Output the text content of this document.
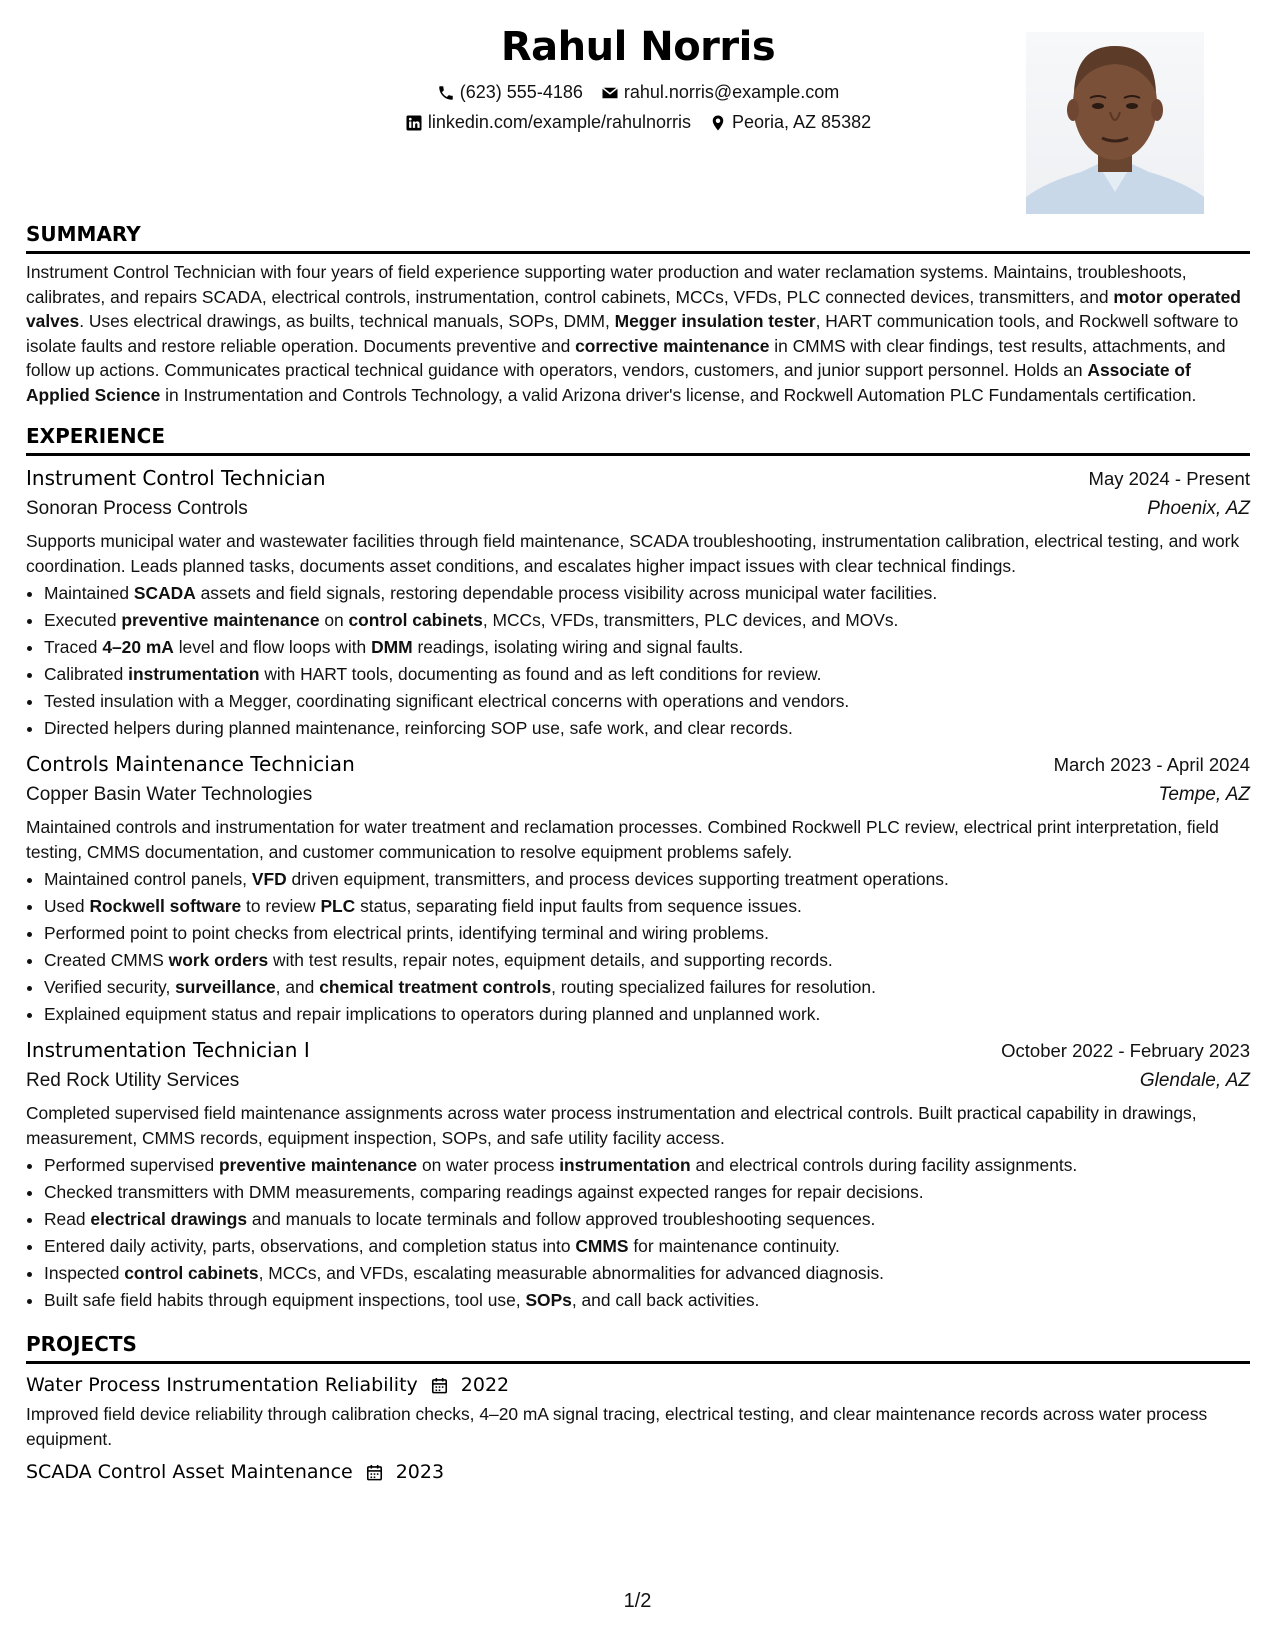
Rahul Norris
(623) 555-4186 rahul.norris@example.com
linkedin.com/example/rahulnorris Peoria, AZ 85382
SUMMARY

Instrument Control Technician with four years of field experience supporting water production and water reclamation systems. Maintains, troubleshoots, calibrates, and repairs SCADA, electrical controls, instrumentation, control cabinets, MCCs, VFDs, PLC connected devices, transmitters, and motor operated valves. Uses electrical drawings, as builts, technical manuals, SOPs, DMM, Megger insulation tester, HART communication tools, and Rockwell software to isolate faults and restore reliable operation. Documents preventive and corrective maintenance in CMMS with clear findings, test results, attachments, and follow up actions. Communicates practical technical guidance with operators, vendors, customers, and junior support personnel. Holds an Associate of Applied Science in Instrumentation and Controls Technology, a valid Arizona driver's license, and Rockwell Automation PLC Fundamentals certification.

EXPERIENCE
Instrument Control Technician	May 2024 - Present
Sonoran Process Controls	Phoenix, AZ

Supports municipal water and wastewater facilities through field maintenance, SCADA troubleshooting, instrumentation calibration, electrical testing, and work coordination. Leads planned tasks, documents asset conditions, and escalates higher impact issues with clear technical findings.

• Maintained SCADA assets and field signals, restoring dependable process visibility across municipal water facilities.
• Executed preventive maintenance on control cabinets, MCCs, VFDs, transmitters, PLC devices, and MOVs.
• Traced 4–20 mA level and flow loops with DMM readings, isolating wiring and signal faults.
• Calibrated instrumentation with HART tools, documenting as found and as left conditions for review.
• Tested insulation with a Megger, coordinating significant electrical concerns with operations and vendors.
• Directed helpers during planned maintenance, reinforcing SOP use, safe work, and clear records.
Controls Maintenance Technician	March 2023 - April 2024
Copper Basin Water Technologies	Tempe, AZ

Maintained controls and instrumentation for water treatment and reclamation processes. Combined Rockwell PLC review, electrical print interpretation, field testing, CMMS documentation, and customer communication to resolve equipment problems safely.

• Maintained control panels, VFD driven equipment, transmitters, and process devices supporting treatment operations.
• Used Rockwell software to review PLC status, separating field input faults from sequence issues.
• Performed point to point checks from electrical prints, identifying terminal and wiring problems.
• Created CMMS work orders with test results, repair notes, equipment details, and supporting records.
• Verified security, surveillance, and chemical treatment controls, routing specialized failures for resolution.
• Explained equipment status and repair implications to operators during planned and unplanned work.
Instrumentation Technician I	October 2022 - February 2023
Red Rock Utility Services	Glendale, AZ

Completed supervised field maintenance assignments across water process instrumentation and electrical controls. Built practical capability in drawings, measurement, CMMS records, equipment inspection, SOPs, and safe utility facility access.

• Performed supervised preventive maintenance on water process instrumentation and electrical controls during facility assignments.
• Checked transmitters with DMM measurements, comparing readings against expected ranges for repair decisions.
• Read electrical drawings and manuals to locate terminals and follow approved troubleshooting sequences.
• Entered daily activity, parts, observations, and completion status into CMMS for maintenance continuity.
• Inspected control cabinets, MCCs, and VFDs, escalating measurable abnormalities for advanced diagnosis.
• Built safe field habits through equipment inspections, tool use, SOPs, and call back activities.
PROJECTS
Water Process Instrumentation Reliability 2022

Improved field device reliability through calibration checks, 4–20 mA signal tracing, electrical testing, and clear maintenance records across water process equipment.

SCADA Control Asset Maintenance 2023
1/2
